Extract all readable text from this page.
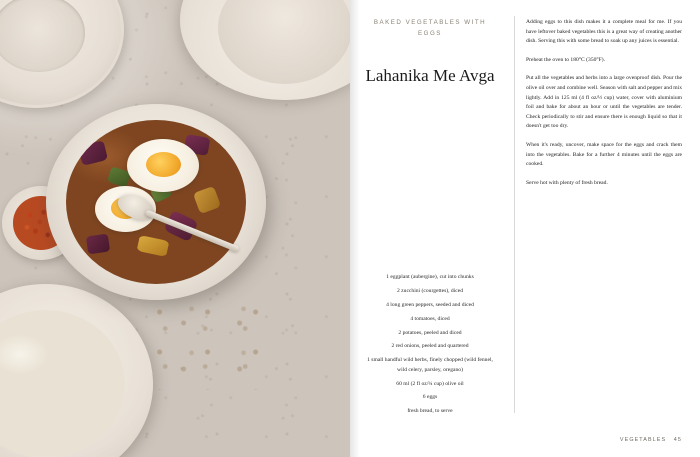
BAKED VEGETABLES WITH EGGS
Lahanika Me Avga
1 eggplant (aubergine), cut into chunks
2 zucchini (courgettes), diced
4 long green peppers, seeded and diced
4 tomatoes, diced
2 potatoes, peeled and diced
2 red onions, peeled and quartered
1 small handful wild herbs, finely chopped (wild fennel, wild celery, parsley, oregano)
60 ml (2 fl oz/¼ cup) olive oil
6 eggs
fresh bread, to serve

Adding eggs to this dish makes it a complete meal for me. If you have leftover baked vegetables this is a great way of creating another dish. Serving this with some bread to soak up any juices is essential.

Preheat the oven to 180°C (350°F).

Put all the vegetables and herbs into a large ovenproof dish. Pour the olive oil over and combine well. Season with salt and pepper and mix lightly. Add in 125 ml (4 fl oz/½ cup) water, cover with aluminium foil and bake for about an hour or until the vegetables are tender. Check periodically to stir and ensure there is enough liquid so that it doesn't get too dry.

When it's ready, uncover, make space for the eggs and crack them into the vegetables. Bake for a further 4 minutes until the eggs are cooked.

Serve hot with plenty of fresh bread.

VEGETABLES 45
